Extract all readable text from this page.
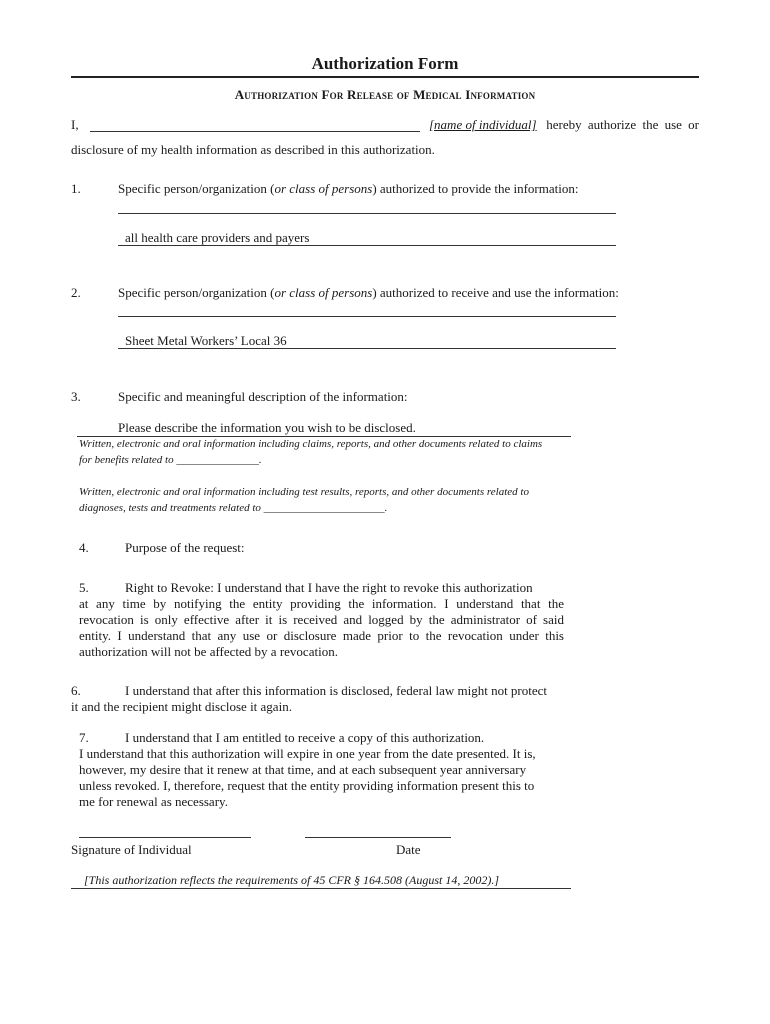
Authorization Form
Authorization For Release of Medical Information
I,	[name of individual] hereby authorize the use or
disclosure of my health information as described in this authorization.
1.	Specific person/organization (or class of persons) authorized to provide the information:
all health care providers and payers
2.	Specific person/organization (or class of persons) authorized to receive and use the information:
Sheet Metal Workers’ Local 36
3.	Specific and meaningful description of the information:
Please describe the information you wish to be disclosed.
Written, electronic and oral information including claims, reports, and other documents related to claims
for benefits related to _______________.
Written, electronic and oral information including test results, reports, and other documents related to
diagnoses, tests and treatments related to ______________________.
4.	Purpose of the request:
5.	Right to Revoke: I understand that I have the right to revoke this authorization
at any time by notifying the entity providing the information. I understand that the
revocation is only effective after it is received and logged by the administrator of said
entity. I understand that any use or disclosure made prior to the revocation under this
authorization will not be affected by a revocation.
6.	I understand that after this information is disclosed, federal law might not protect
it and the recipient might disclose it again.
7.	I understand that I am entitled to receive a copy of this authorization.
I understand that this authorization will expire in one year from the date presented. It is,
however, my desire that it renew at that time, and at each subsequent year anniversary
unless revoked. I, therefore, request that the entity providing information present this to
me for renewal as necessary.
Signature of Individual	Date
[This authorization reflects the requirements of 45 CFR § 164.508 (August 14, 2002).]
